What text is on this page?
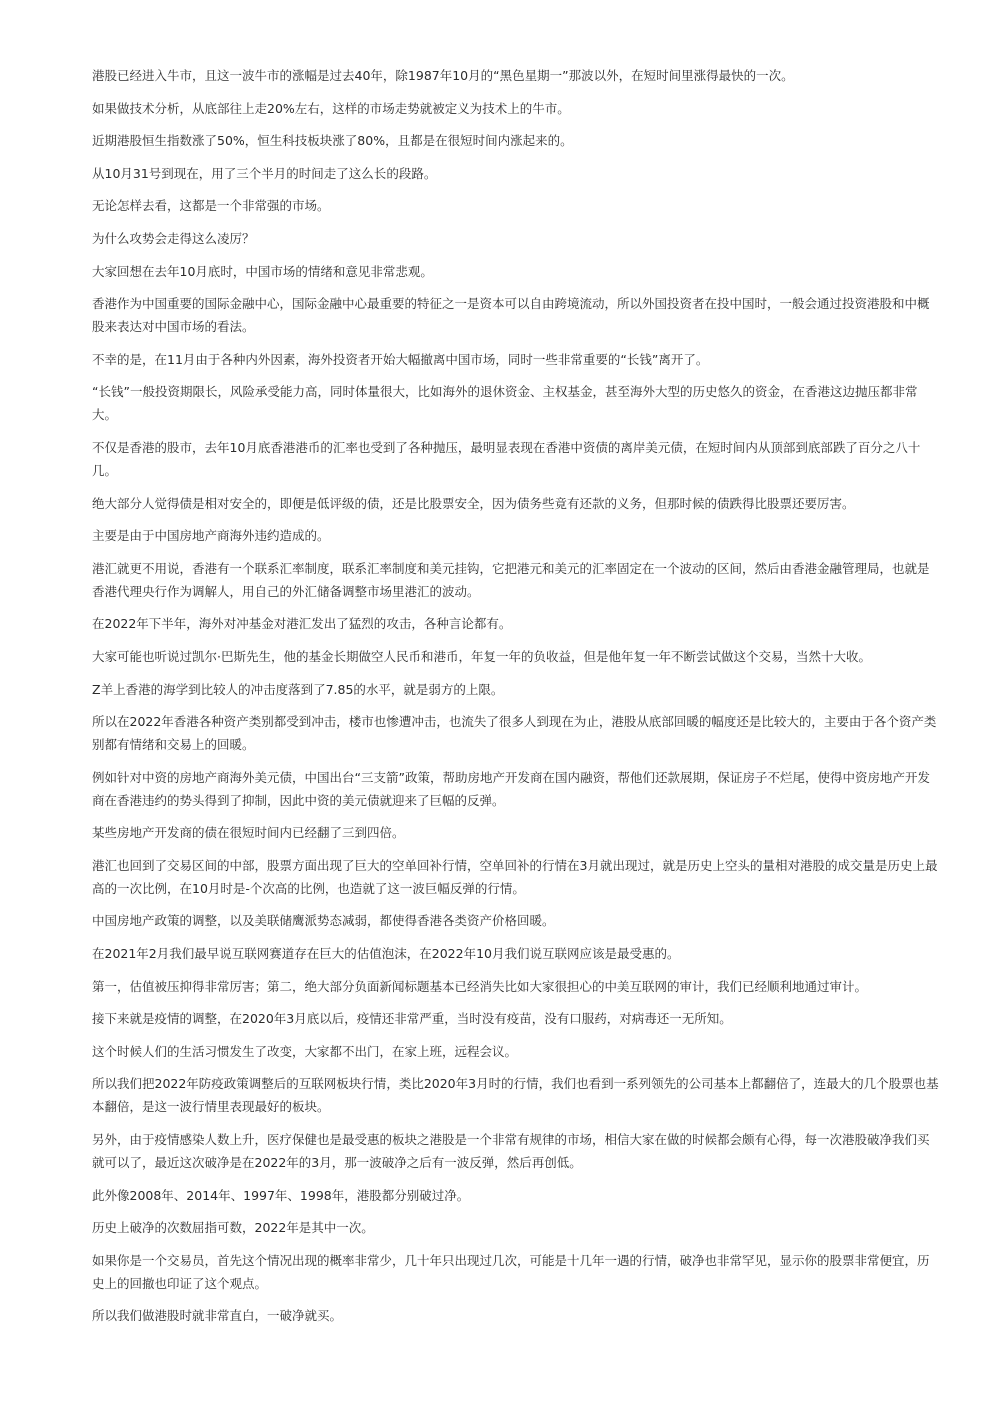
港股已经进入牛市，且这一波牛市的涨幅是过去40年，除1987年10月的“黑色星期一”那波以外，在短时间里涨得最快的一次。

如果做技术分析，从底部往上走20%左右，这样的市场走势就被定义为技术上的牛市。

近期港股恒生指数涨了50%，恒生科技板块涨了80%，且都是在很短时间内涨起来的。

从10月31号到现在，用了三个半月的时间走了这么长的段路。

无论怎样去看，这都是一个非常强的市场。

为什么攻势会走得这么凌厉？

大家回想在去年10月底时，中国市场的情绪和意见非常悲观。

香港作为中国重要的国际金融中心，国际金融中心最重要的特征之一是资本可以自由跨境流动，所以外国投资者在投中国时，一般会通过投资港股和中概股来表达对中国市场的看法。

不幸的是，在11月由于各种内外因素，海外投资者开始大幅撤离中国市场，同时一些非常重要的“长钱”离开了。

“长钱”一般投资期限长，风险承受能力高，同时体量很大，比如海外的退休资金、主权基金，甚至海外大型的历史悠久的资金，在香港这边抛压都非常大。

不仅是香港的股市，去年10月底香港港币的汇率也受到了各种抛压，最明显表现在香港中资债的离岸美元债，在短时间内从顶部到底部跌了百分之八十几。

绝大部分人觉得债是相对安全的，即便是低评级的债，还是比股票安全，因为债务些竟有还款的义务，但那时候的债跌得比股票还要厉害。

主要是由于中国房地产商海外违约造成的。

港汇就更不用说，香港有一个联系汇率制度，联系汇率制度和美元挂钩，它把港元和美元的汇率固定在一个波动的区间，然后由香港金融管理局，也就是香港代理央行作为调解人，用自己的外汇储备调整市场里港汇的波动。

在2022年下半年，海外对冲基金对港汇发出了猛烈的攻击，各种言论都有。

大家可能也听说过凯尔·巴斯先生，他的基金长期做空人民币和港币，年复一年的负收益，但是他年复一年不断尝试做这个交易，当然十大收。

Z羊上香港的海学到比较人的冲击度落到了7.85的水平，就是弱方的上限。

所以在2022年香港各种资产类别都受到冲击，楼市也惨遭冲击，也流失了很多人到现在为止，港股从底部回暖的幅度还是比较大的，主要由于各个资产类别都有情绪和交易上的回暖。

例如针对中资的房地产商海外美元债，中国出台“三支箭”政策，帮助房地产开发商在国内融资，帮他们还款展期，保证房子不烂尾，使得中资房地产开发商在香港违约的势头得到了抑制，因此中资的美元债就迎来了巨幅的反弹。

某些房地产开发商的债在很短时间内已经翻了三到四倍。

港汇也回到了交易区间的中部，股票方面出现了巨大的空单回补行情，空单回补的行情在3月就出现过，就是历史上空头的量相对港股的成交量是历史上最高的一次比例，在10月时是-个次高的比例，也造就了这一波巨幅反弹的行情。

中国房地产政策的调整，以及美联储鹰派势态减弱，都使得香港各类资产价格回暖。

在2021年2月我们最早说互联网赛道存在巨大的估值泡沫，在2022年10月我们说互联网应该是最受惠的。

第一，估值被压抑得非常厉害；第二，绝大部分负面新闻标题基本已经消失比如大家很担心的中美互联网的审计，我们已经顺利地通过审计。

接下来就是疫情的调整，在2020年3月底以后，疫情还非常严重，当时没有疫苗，没有口服药，对病毒还一无所知。

这个时候人们的生活习惯发生了改变，大家都不出门，在家上班，远程会议。

所以我们把2022年防疫政策调整后的互联网板块行情，类比2020年3月时的行情，我们也看到一系列领先的公司基本上都翻倍了，连最大的几个股票也基本翻倍，是这一波行情里表现最好的板块。

另外，由于疫情感染人数上升，医疗保健也是最受惠的板块之港股是一个非常有规律的市场，相信大家在做的时候都会颇有心得，每一次港股破净我们买就可以了，最近这次破净是在2022年的3月，那一波破净之后有一波反弹，然后再创低。

此外像2008年、2014年、1997年、1998年，港股都分别破过净。

历史上破净的次数屈指可数，2022年是其中一次。

如果你是一个交易员，首先这个情况出现的概率非常少，几十年只出现过几次，可能是十几年一遇的行情，破净也非常罕见，显示你的股票非常便宜，历史上的回撤也印证了这个观点。

所以我们做港股时就非常直白，一破净就买。
